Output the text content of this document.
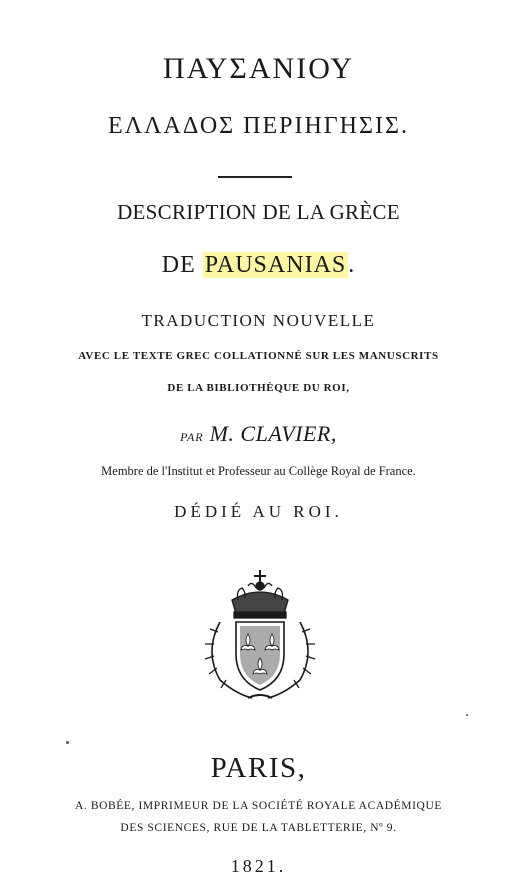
ΠΑΥΣΑΝΙΟΥ
ΕΛΛΑΔΟΣ ΠΕΡΙΗΓΗΣΙΣ.
DESCRIPTION DE LA GRÈCE
DE PAUSANIAS.
TRADUCTION NOUVELLE
AVEC LE TEXTE GREC COLLATIONNÉ SUR LES MANUSCRITS
DE LA BIBLIOTHÈQUE DU ROI,
PAR M. CLAVIER,
Membre de l'Institut et Professeur au Collège Royal de France.
DÉDIÉ AU ROI.
PARIS,
A. BOBÉE, IMPRIMEUR DE LA SOCIÉTÉ ROYALE ACADÉMIQUE
DES SCIENCES, RUE DE LA TABLETTERIE, Nº 9.
1821.
